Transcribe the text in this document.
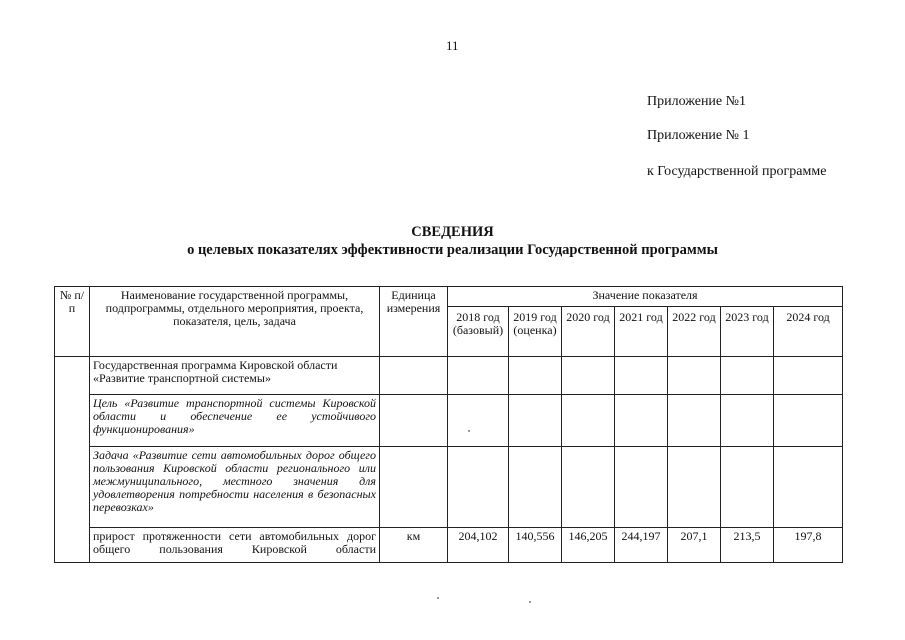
11
Приложение №1
Приложение № 1
к Государственной программе
СВЕДЕНИЯ
о целевых показателях эффективности реализации Государственной программы
№ п/п	Наименование государственной программы, подпрограммы, отдельного мероприятия, проекта, показателя, цель, задача	Единица измерения	Значение показателя						
			2018 год (базовый)	2019 год (оценка)	2020 год	2021 год	2022 год	2023 год	2024 год
	Государственная программа Кировской области «Развитие транспортной системы»								
	Цель «Развитие транспортной системы Кировской области и обеспечение ее устойчивого функционирования»								
	Задача «Развитие сети автомобильных дорог общего пользования Кировской области регионального или межмуниципального, местного значения для удовлетворения потребности населения в безопасных перевозках»								

	прирост протяженности сети автомобильных дорог общего пользования Кировской области	км	204,102	140,556	146,205	244,197	207,1	213,5	197,8
